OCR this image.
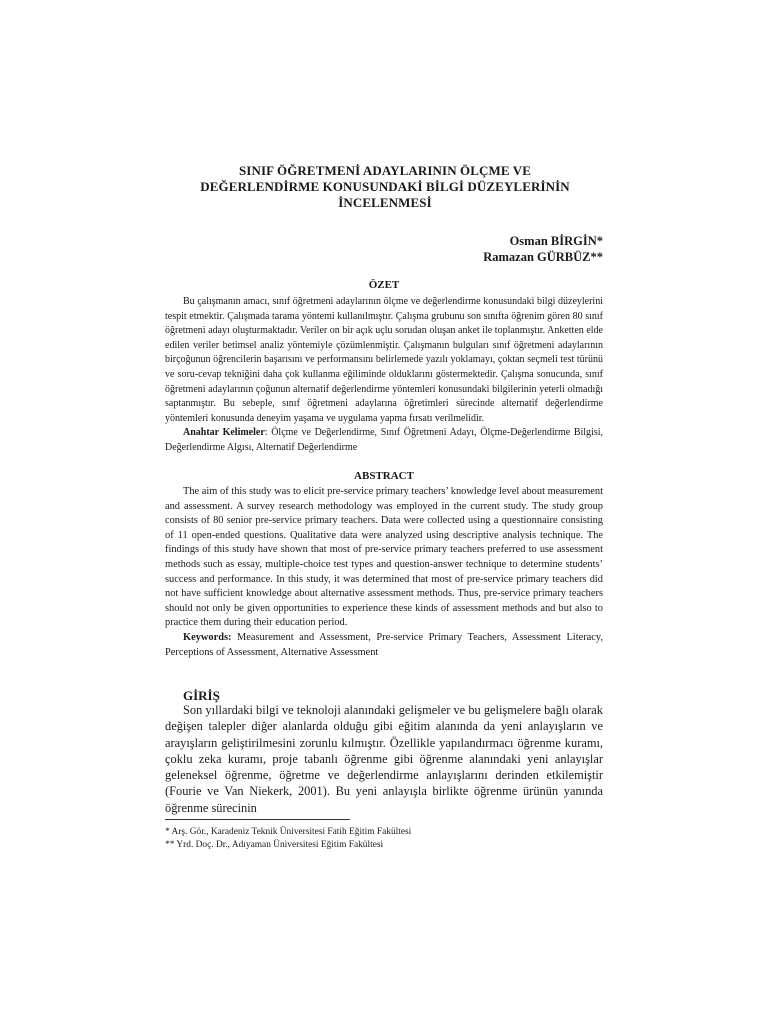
SINIF ÖĞRETMENİ ADAYLARININ ÖLÇME VE
DEĞERLENDİRME KONUSUNDAKİ BİLGİ DÜZEYLERİNİN
İNCELENMESİ
Osman BİRGİN*
Ramazan GÜRBÜZ**
ÖZET

Bu çalışmanın amacı, sınıf öğretmeni adaylarının ölçme ve değerlendirme konusundaki bilgi düzeylerini tespit etmektir. Çalışmada tarama yöntemi kullanılmıştır. Çalışma grubunu son sınıfta öğrenim gören 80 sınıf öğretmeni adayı oluşturmaktadır. Veriler on bir açık uçlu sorudan oluşan anket ile toplanmıştır. Anketten elde edilen veriler betimsel analiz yöntemiyle çözümlenmiştir. Çalışmanın bulguları sınıf öğretmeni adaylarının birçoğunun öğrencilerin başarısını ve performansını belirlemede yazılı yoklamayı, çoktan seçmeli test türünü ve soru-cevap tekniğini daha çok kullanma eğiliminde olduklarını göstermektedir. Çalışma sonucunda, sınıf öğretmeni adaylarının çoğunun alternatif değerlendirme yöntemleri konusundaki bilgilerinin yeterli olmadığı saptanmıştır. Bu sebeple, sınıf öğretmeni adaylarına öğretimleri sürecinde alternatif değerlendirme yöntemleri konusunda deneyim yaşama ve uygulama yapma fırsatı verilmelidir.

Anahtar Kelimeler: Ölçme ve Değerlendirme, Sınıf Öğretmeni Adayı, Ölçme-Değerlendirme Bilgisi, Değerlendirme Algısı, Alternatif Değerlendirme

ABSTRACT

The aim of this study was to elicit pre-service primary teachers’ knowledge level about measurement and assessment. A survey research methodology was employed in the current study. The study group consists of 80 senior pre-service primary teachers. Data were collected using a questionnaire consisting of 11 open-ended questions. Qualitative data were analyzed using descriptive analysis technique. The findings of this study have shown that most of pre-service primary teachers preferred to use assessment methods such as essay, multiple-choice test types and question-answer technique to determine students’ success and performance. In this study, it was determined that most of pre-service primary teachers did not have sufficient knowledge about alternative assessment methods. Thus, pre-service primary teachers should not only be given opportunities to experience these kinds of assessment methods and but also to practice them during their education period.

Keywords: Measurement and Assessment, Pre-service Primary Teachers, Assessment Literacy, Perceptions of Assessment, Alternative Assessment

GİRİŞ

Son yıllardaki bilgi ve teknoloji alanındaki gelişmeler ve bu gelişmelere bağlı olarak değişen talepler diğer alanlarda olduğu gibi eğitim alanında da yeni anlayışların ve arayışların geliştirilmesini zorunlu kılmıştır. Özellikle yapılandırmacı öğrenme kuramı, çoklu zeka kuramı, proje tabanlı öğrenme gibi öğrenme alanındaki yeni anlayışlar geleneksel öğrenme, öğretme ve değerlendirme anlayışlarını derinden etkilemiştir (Fourie ve Van Niekerk, 2001). Bu yeni anlayışla birlikte öğrenme ürünün yanında öğrenme sürecinin

* Arş. Gör., Karadeniz Teknik Üniversitesi Fatih Eğitim Fakültesi
** Yrd. Doç. Dr., Adıyaman Üniversitesi Eğitim Fakültesi
